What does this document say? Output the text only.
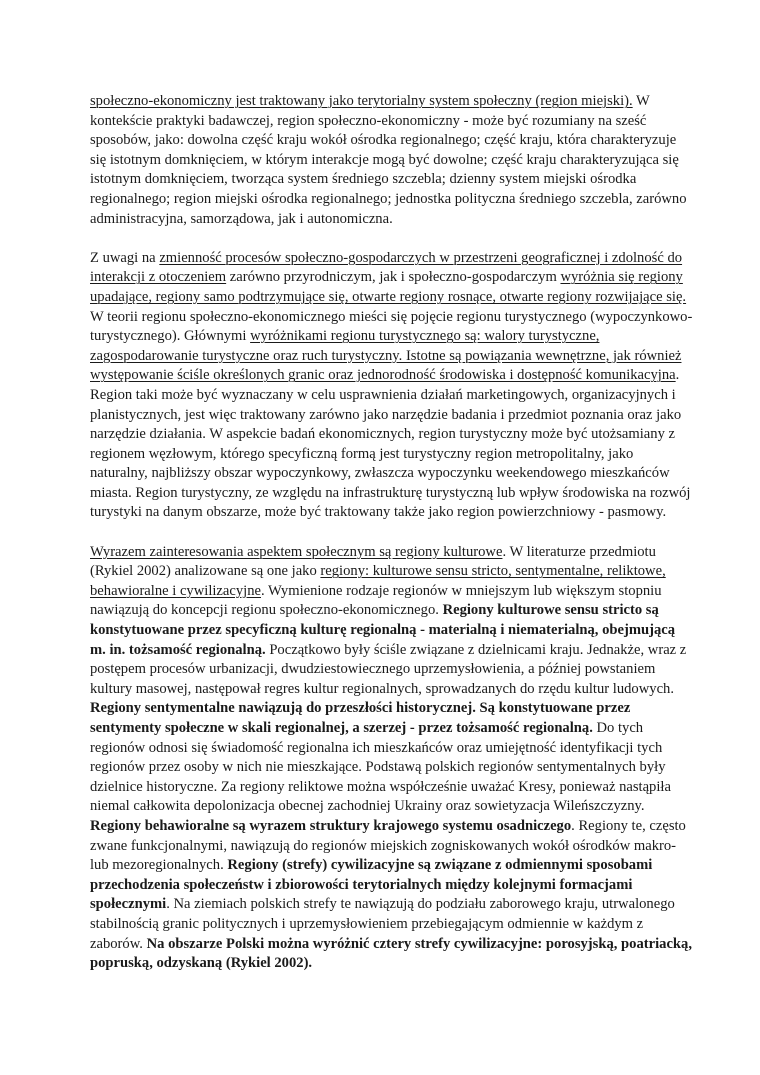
społeczno-ekonomiczny jest traktowany jako terytorialny system społeczny (region miejski). W kontekście praktyki badawczej, region społeczno-ekonomiczny - może być rozumiany na sześć sposobów, jako: dowolna część kraju wokół ośrodka regionalnego; część kraju, która charakteryzuje się istotnym domknięciem, w którym interakcje mogą być dowolne; część kraju charakteryzująca się istotnym domknięciem, tworząca system średniego szczebla; dzienny system miejski ośrodka regionalnego; region miejski ośrodka regionalnego; jednostka polityczna średniego szczebla, zarówno administracyjna, samorządowa, jak i autonomiczna.

Z uwagi na zmienność procesów społeczno-gospodarczych w przestrzeni geograficznej i zdolność do interakcji z otoczeniem zarówno przyrodniczym, jak i społeczno-gospodarczym wyróżnia się regiony upadające, regiony samo podtrzymujące się, otwarte regiony rosnące, otwarte regiony rozwijające się.

W teorii regionu społeczno-ekonomicznego mieści się pojęcie regionu turystycznego (wypoczynkowo-turystycznego). Głównymi wyróżnikami regionu turystycznego są: walory turystyczne, zagospodarowanie turystyczne oraz ruch turystyczny. Istotne są powiązania wewnętrzne, jak również występowanie ściśle określonych granic oraz jednorodność środowiska i dostępność komunikacyjna. Region taki może być wyznaczany w celu usprawnienia działań marketingowych, organizacyjnych i planistycznych, jest więc traktowany zarówno jako narzędzie badania i przedmiot poznania oraz jako narzędzie działania. W aspekcie badań ekonomicznych, region turystyczny może być utożsamiany z regionem węzłowym, którego specyficzną formą jest turystyczny region metropolitalny, jako naturalny, najbliższy obszar wypoczynkowy, zwłaszcza wypoczynku weekendowego mieszkańców miasta. Region turystyczny, ze względu na infrastrukturę turystyczną lub wpływ środowiska na rozwój turystyki na danym obszarze, może być traktowany także jako region powierzchniowy - pasmowy.

Wyrazem zainteresowania aspektem społecznym są regiony kulturowe. W literaturze przedmiotu (Rykiel 2002) analizowane są one jako regiony: kulturowe sensu stricto, sentymentalne, reliktowe, behawioralne i cywilizacyjne. Wymienione rodzaje regionów w mniejszym lub większym stopniu nawiązują do koncepcji regionu społeczno-ekonomicznego. Regiony kulturowe sensu stricto są konstytuowane przez specyficzną kulturę regionalną - materialną i niematerialną, obejmującą m. in. tożsamość regionalną. Początkowo były ściśle związane z dzielnicami kraju. Jednakże, wraz z postępem procesów urbanizacji, dwudziestowiecznego uprzemysłowienia, a później powstaniem kultury masowej, następował regres kultur regionalnych, sprowadzanych do rzędu kultur ludowych. Regiony sentymentalne nawiązują do przeszłości historycznej. Są konstytuowane przez sentymenty społeczne w skali regionalnej, a szerzej - przez tożsamość regionalną. Do tych regionów odnosi się świadomość regionalna ich mieszkańców oraz umiejętność identyfikacji tych regionów przez osoby w nich nie mieszkające. Podstawą polskich regionów sentymentalnych były dzielnice historyczne. Za regiony reliktowe można współcześnie uważać Kresy, ponieważ nastąpiła niemal całkowita depolonizacja obecnej zachodniej Ukrainy oraz sowietyzacja Wileńszczyzny. Regiony behawioralne są wyrazem struktury krajowego systemu osadniczego. Regiony te, często zwane funkcjonalnymi, nawiązują do regionów miejskich zogniskowanych wokół ośrodków makro- lub mezoregionalnych. Regiony (strefy) cywilizacyjne są związane z odmiennymi sposobami przechodzenia społeczeństw i zbiorowości terytorialnych między kolejnymi formacjami społecznymi. Na ziemiach polskich strefy te nawiązują do podziału zaborowego kraju, utrwalonego stabilnością granic politycznych i uprzemysłowieniem przebiegającym odmiennie w każdym z zaborów. Na obszarze Polski można wyróżnić cztery strefy cywilizacyjne: porosyjską, poatriacką, popruską, odzyskaną (Rykiel 2002).
